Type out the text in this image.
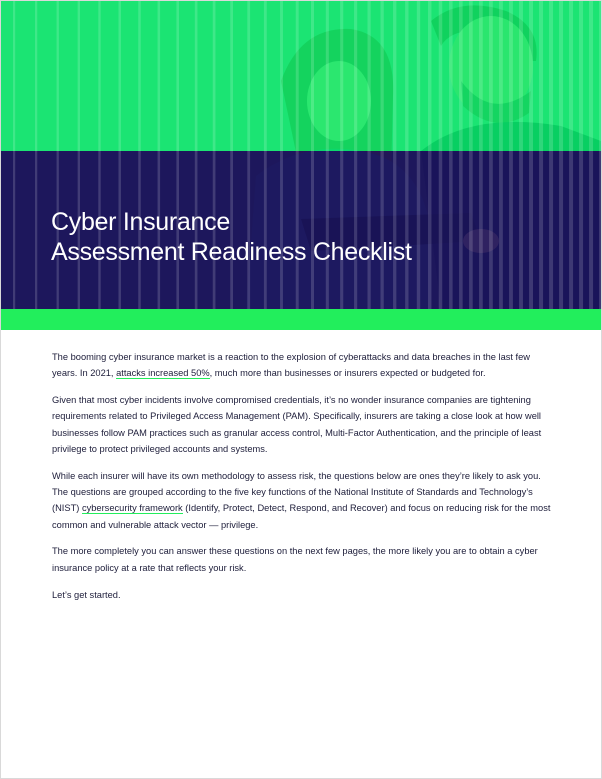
Cyber Insurance
Assessment Readiness Checklist

The booming cyber insurance market is a reaction to the explosion of cyberattacks and data breaches in the last few years. In 2021, attacks increased 50%, much more than businesses or insurers expected or budgeted for.

Given that most cyber incidents involve compromised credentials, it’s no wonder insurance companies are tightening requirements related to Privileged Access Management (PAM). Specifically, insurers are taking a close look at how well businesses follow PAM practices such as granular access control, Multi-Factor Authentication, and the principle of least privilege to protect privileged accounts and systems.

While each insurer will have its own methodology to assess risk, the questions below are ones they’re likely to ask you. The questions are grouped according to the five key functions of the National Institute of Standards and Technology’s (NIST) cybersecurity framework (Identify, Protect, Detect, Respond, and Recover) and focus on reducing risk for the most common and vulnerable attack vector — privilege.

The more completely you can answer these questions on the next few pages, the more likely you are to obtain a cyber insurance policy at a rate that reflects your risk.

Let’s get started.
